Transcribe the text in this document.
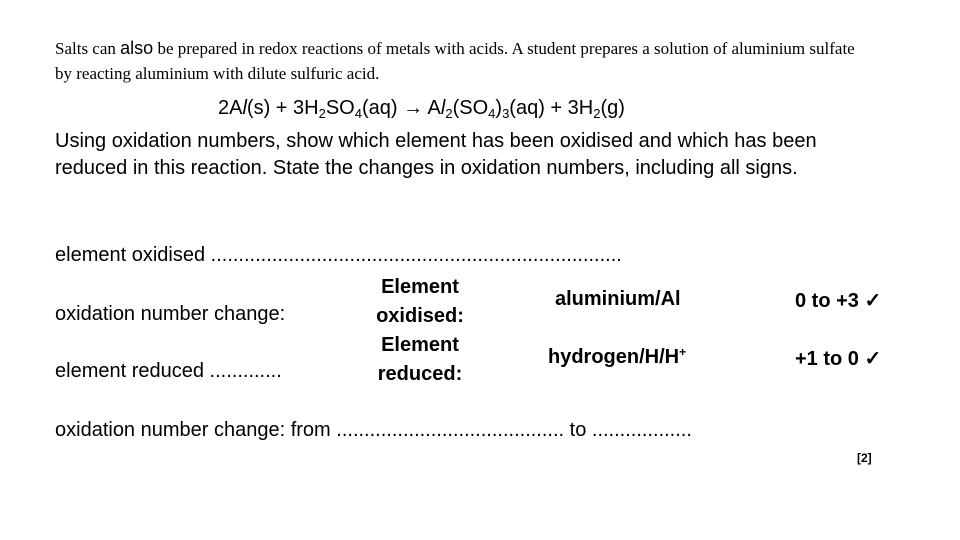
Salts can also be prepared in redox reactions of metals with acids. A student prepares a solution of aluminium sulfate by reacting aluminium with dilute sulfuric acid.
$2Al(s) + 3H_2SO_4(aq) \to Al_2(SO_4)_3(aq) + 3H_2(g)$
Using oxidation numbers, show which element has been oxidised and which has been reduced in this reaction. State the changes in oxidation numbers, including all signs.
element oxidised ..........................................................................
oxidation number change:
element reduced .............
Element oxidised:
Element reduced:
aluminium/Al
hydrogen/H/H+
0 to +3 ✓
+1 to 0 ✓
oxidation number change: from ......................................... to ..................
[2]
